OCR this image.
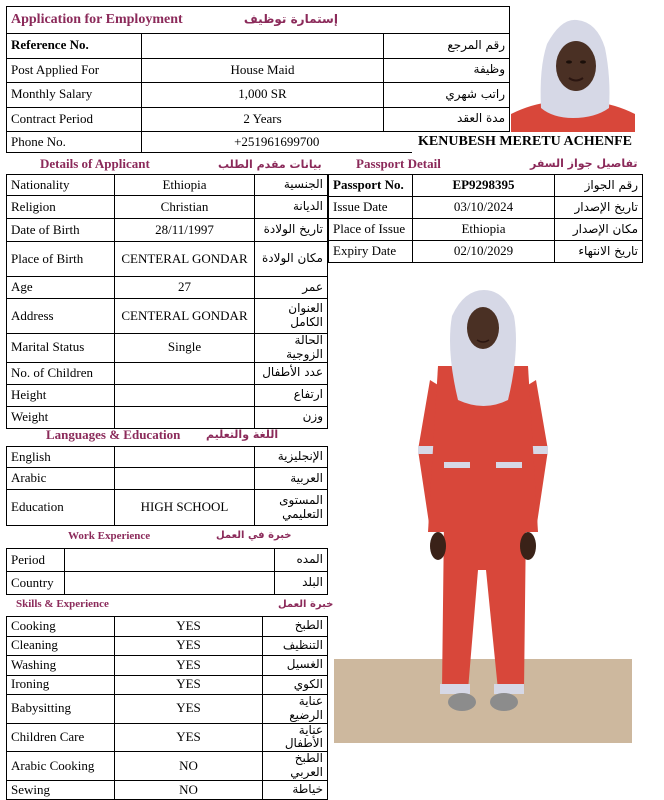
Application for Employment إستمارة توظيف		
Reference No.		رقم المرجع
Post Applied For	House Maid	وظيفة
Monthly Salary	1,000 SR	راتب شهري
Contract Period	2 Years	مدة العقد
Phone No.	+251961699700	KENUBESH MERETU ACHENFE
Details of Applicant	بيانات مقدم الطلب
Nationality	Ethiopia	الجنسية
Religion	Christian	الديانة
Date of Birth	28/11/1997	تاريخ الولادة
Place of Birth	CENTERAL GONDAR	مكان الولادة
Age	27	عمر
Address	CENTERAL GONDAR	العنوان الكامل
Marital Status	Single	الحالة الزوجية
No. of Children		عدد الأطفال
Height		ارتفاع
Weight		وزن
Languages & Education اللغة والتعليم
English		الإنجليزية
Arabic		العربية
Education	HIGH SCHOOL	المستوى التعليمي
Work Experience	خبرة في العمل
Period		المده
Country		البلد
Skills & Experience	خبرة العمل
Cooking	YES	الطبخ
Cleaning	YES	التنظيف
Washing	YES	الغسيل
Ironing	YES	الكوي
Babysitting	YES	عناية الرضيع
Children Care	YES	عناية الأطفال
Arabic Cooking	NO	الطبخ العربي
Sewing	NO	خياطة
Passport Detail	تفاصيل جواز السفر
Passport No.	EP9298395	رقم الجواز
Issue Date	03/10/2024	تاريخ الإصدار
Place of Issue	Ethiopia	مكان الإصدار
Expiry Date	02/10/2029	تاريخ الانتهاء
